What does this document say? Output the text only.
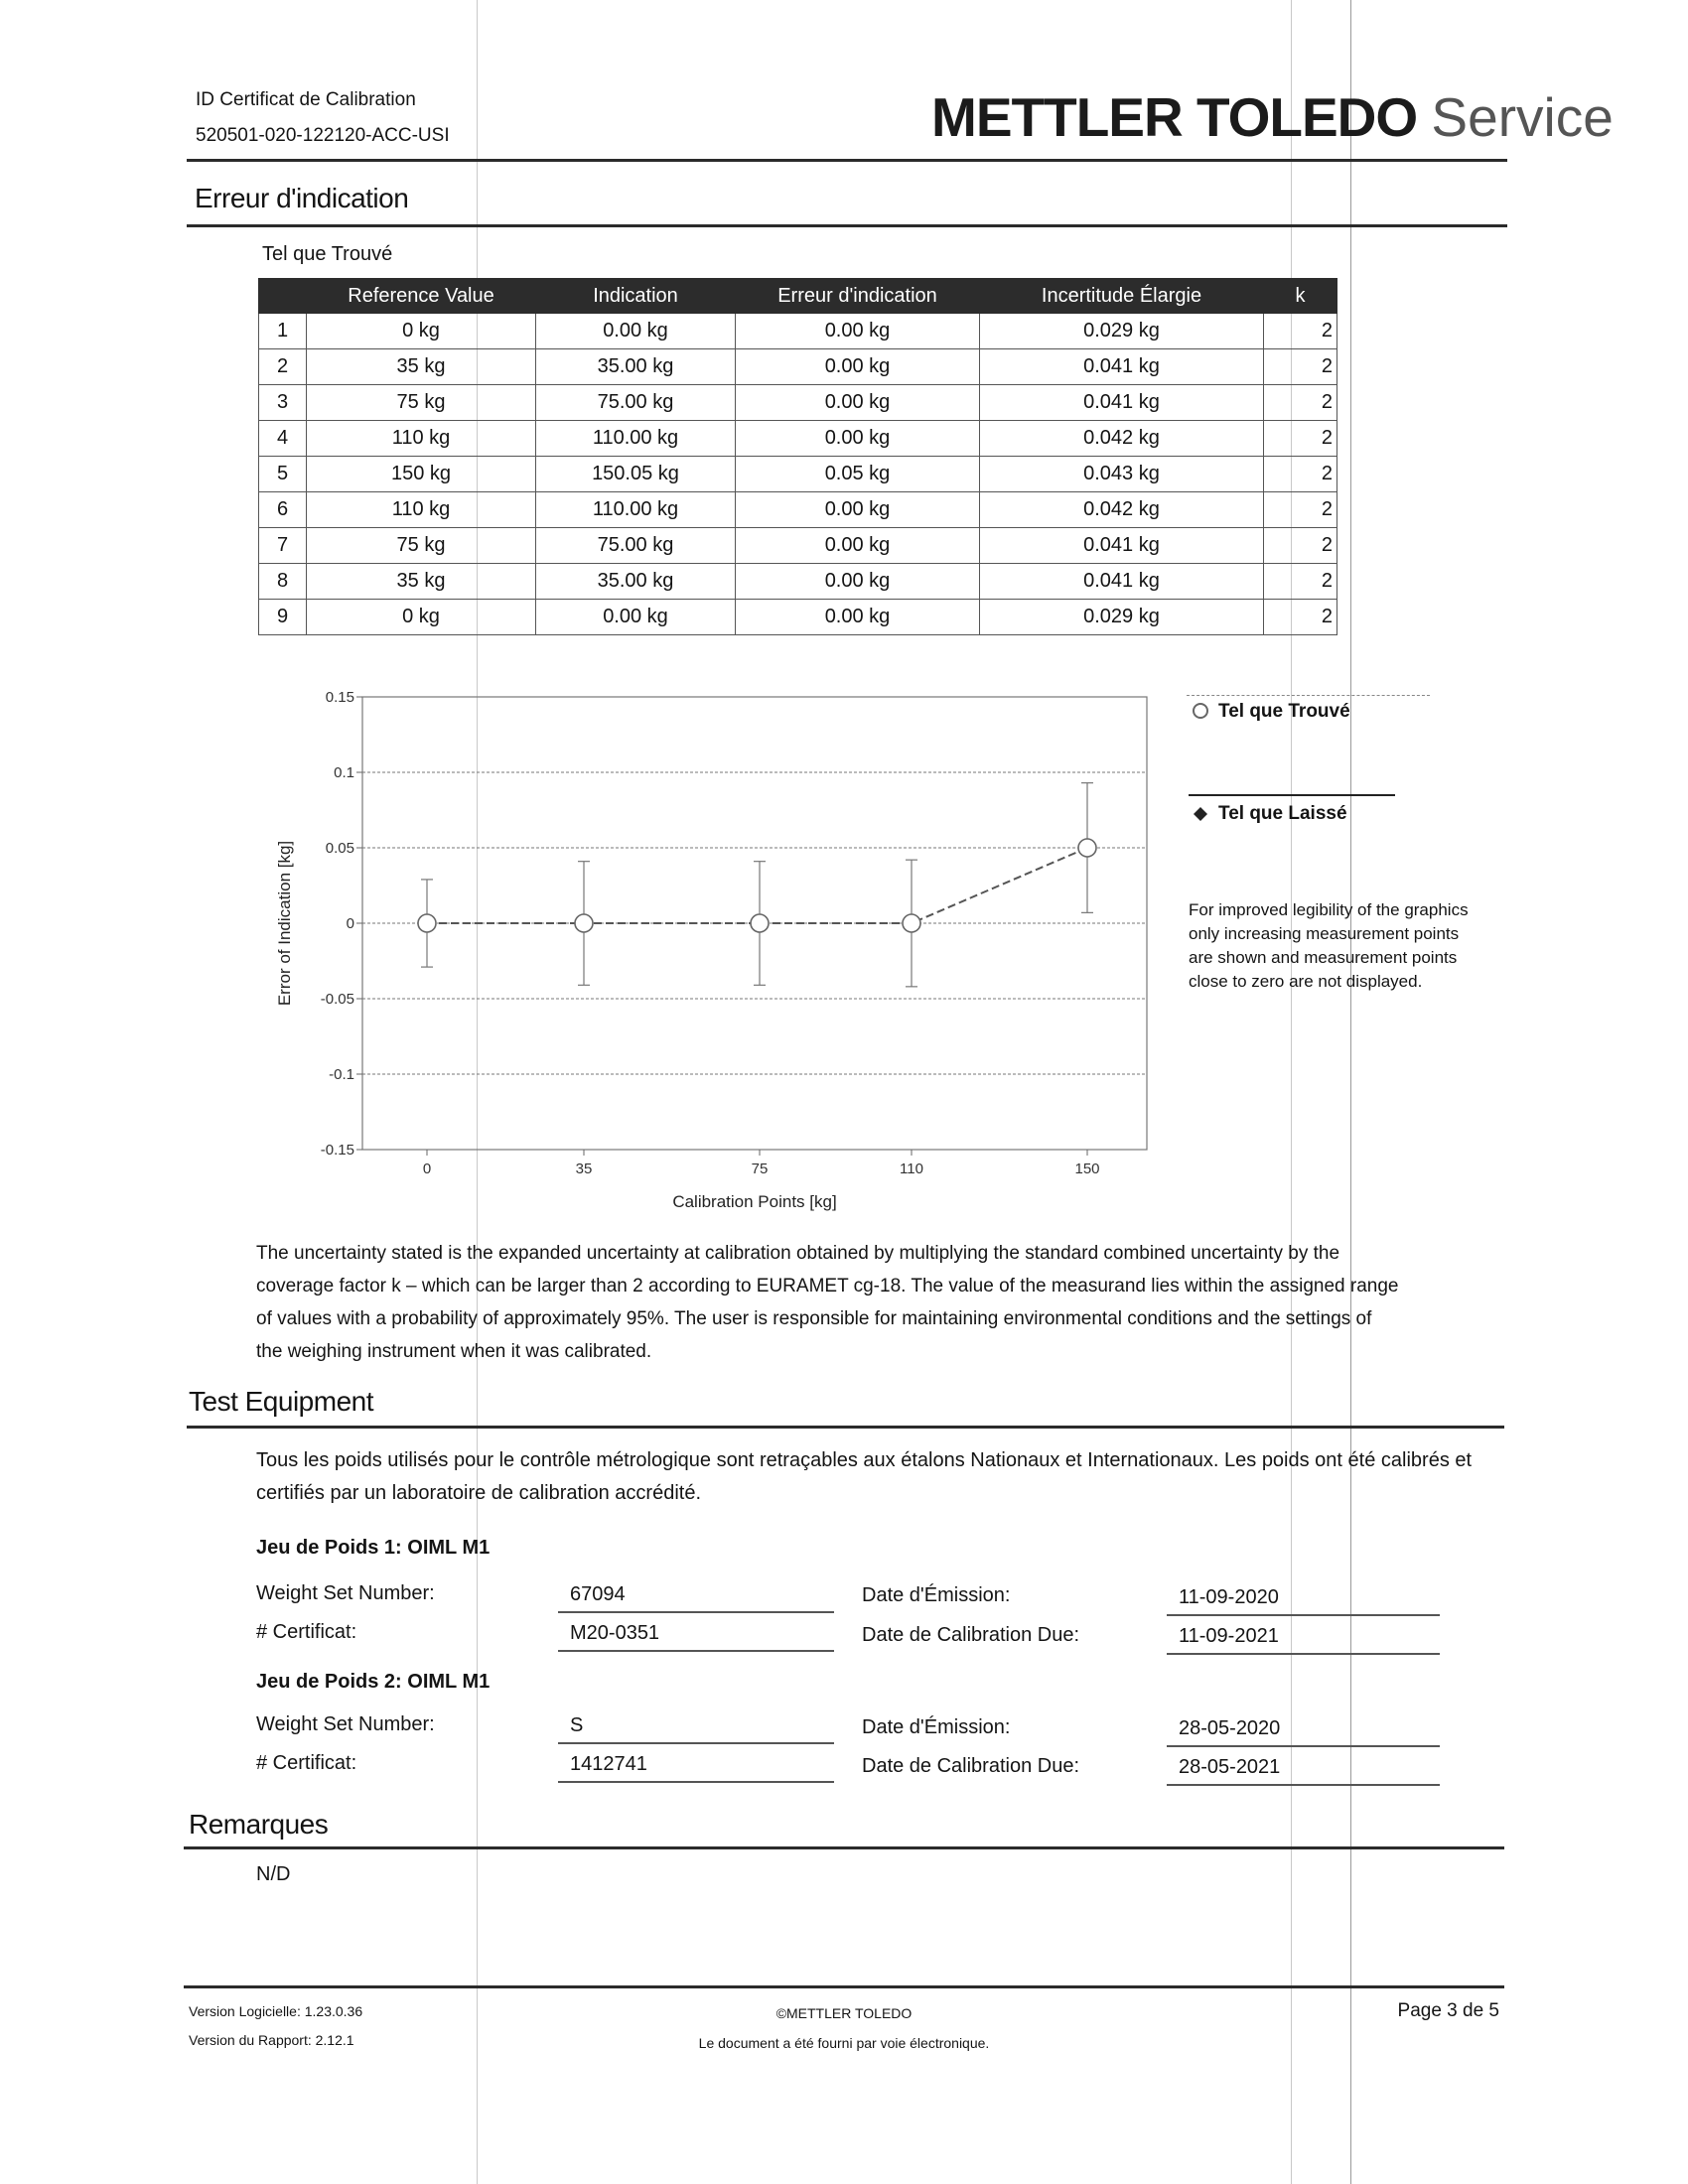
ID Certificat de Calibration
520501-020-122120-ACC-USI	METTLER TOLEDO Service
Erreur d'indication
Tel que Trouvé
	Reference Value	Indication	Erreur d'indication	Incertitude Élargie	k
1	0 kg	0.00 kg	0.00 kg	0.029 kg	2
2	35 kg	35.00 kg	0.00 kg	0.041 kg	2
3	75 kg	75.00 kg	0.00 kg	0.041 kg	2
4	110 kg	110.00 kg	0.00 kg	0.042 kg	2
5	150 kg	150.05 kg	0.05 kg	0.043 kg	2
6	110 kg	110.00 kg	0.00 kg	0.042 kg	2
7	75 kg	75.00 kg	0.00 kg	0.041 kg	2
8	35 kg	35.00 kg	0.00 kg	0.041 kg	2
9	0 kg	0.00 kg	0.00 kg	0.029 kg	2
0.15
0.1
0.05
0
-0.05
-0.1
-0.15
0	35	75	110	150
Calibration Points [kg]
Error of Indication [kg]
Tel que Trouvé
Tel que Laissé
For improved legibility of the graphics only increasing measurement points are shown and measurement points close to zero are not displayed.
The uncertainty stated is the expanded uncertainty at calibration obtained by multiplying the standard combined uncertainty by the
coverage factor k – which can be larger than 2 according to EURAMET cg-18. The value of the measurand lies within the assigned range
of values with a probability of approximately 95%. The user is responsible for maintaining environmental conditions and the settings of
the weighing instrument when it was calibrated.
Test Equipment
Tous les poids utilisés pour le contrôle métrologique sont retraçables aux étalons Nationaux et Internationaux. Les poids ont été calibrés et
certifiés par un laboratoire de calibration accrédité.
Jeu de Poids 1: OIML M1
Weight Set Number:	67094	Date d'Émission:	11-09-2020
# Certificat:	M20-0351	Date de Calibration Due:	11-09-2021
Jeu de Poids 2: OIML M1
Weight Set Number:	S	Date d'Émission:	28-05-2020
# Certificat:	1412741	Date de Calibration Due:	28-05-2021
Remarques
N/D
Version Logicielle: 1.23.0.36
Version du Rapport: 2.12.1
©METTLER TOLEDO
Le document a été fourni par voie électronique.
Page 3 de 5
